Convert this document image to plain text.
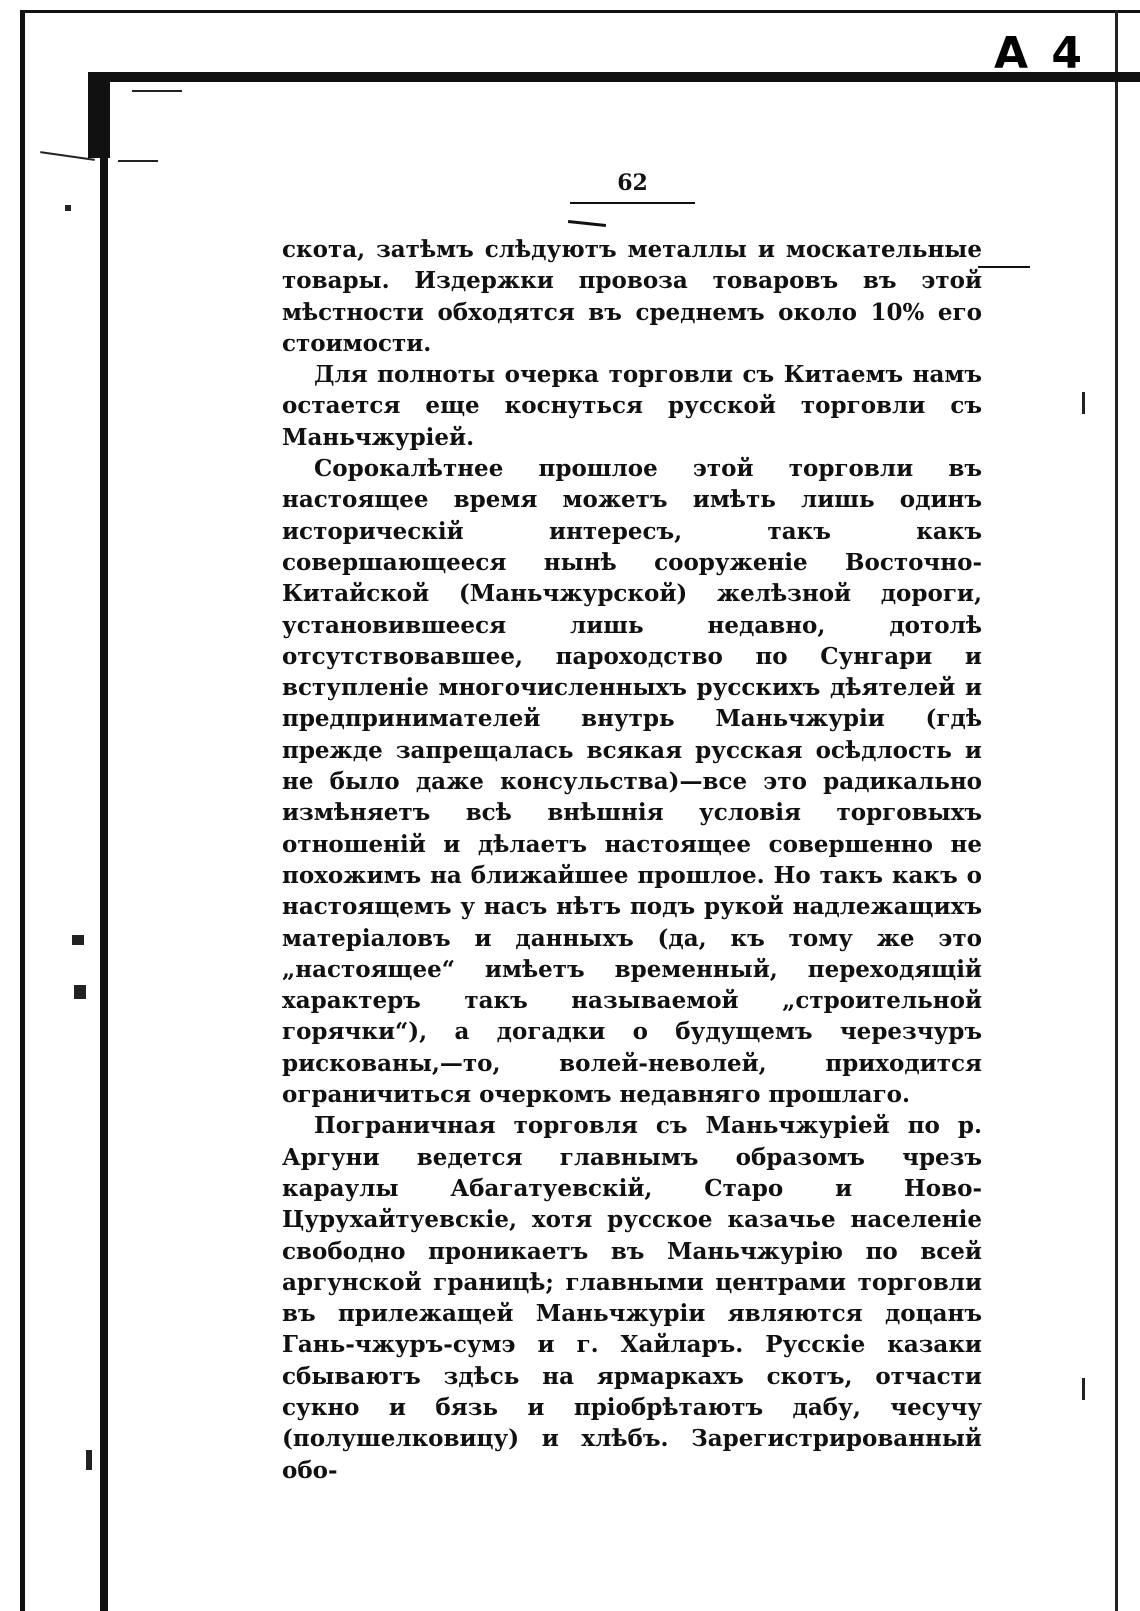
A 4
62

скота, затѣмъ слѣдуютъ металлы и москательные товары. Издержки провоза товаровъ въ этой мѣстности обходятся въ среднемъ около 10% его стоимости.

Для полноты очерка торговли съ Китаемъ намъ остается еще коснуться русской торговли съ Маньчжуріей.

Сорокалѣтнее прошлое этой торговли въ настоящее время можетъ имѣть лишь одинъ историческій интересъ, такъ какъ совершающееся нынѣ сооруженіе Восточно-Китайской (Маньчжурской) желѣзной дороги, установившееся лишь недавно, дотолѣ отсутствовавшее, пароходство по Сунгари и вступленіе многочисленныхъ русскихъ дѣятелей и предпринимателей внутрь Маньчжуріи (гдѣ прежде запрещалась всякая русская осѣдлость и не было даже консульства)—все это радикально измѣняетъ всѣ внѣшнія условія торговыхъ отношеній и дѣлаетъ настоящее совершенно не похожимъ на ближайшее прошлое. Но такъ какъ о настоящемъ у насъ нѣтъ подъ рукой надлежащихъ матеріаловъ и данныхъ (да, къ тому же это „настоящее“ имѣетъ временный, переходящій характеръ такъ называемой „строительной горячки“), а догадки о будущемъ черезчуръ рискованы,—то, волей-неволей, приходится ограничиться очеркомъ недавняго прошлаго.

Пограничная торговля съ Маньчжуріей по р. Аргуни ведется главнымъ образомъ чрезъ караулы Абагатуевскій, Старо и Ново-Цурухайтуевскіе, хотя русское казачье населеніе свободно проникаетъ въ Маньчжурію по всей аргунской границѣ; главными центрами торговли въ прилежащей Маньчжуріи являются доцанъ Гань-чжуръ-сумэ и г. Хайларъ. Русскіе казаки сбываютъ здѣсь на ярмаркахъ скотъ, отчасти сукно и бязь и пріобрѣтаютъ дабу, чесучу (полушелковицу) и хлѣбъ. Зарегистрированный обо-
